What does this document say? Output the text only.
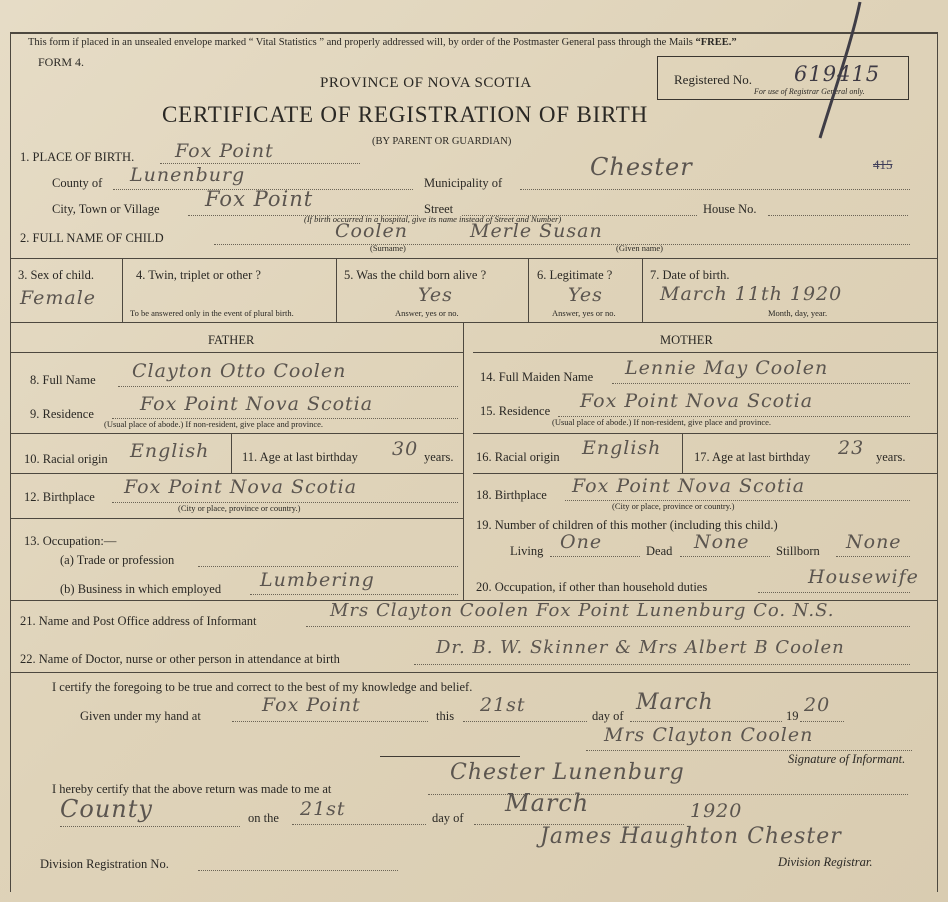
This form if placed in an unsealed envelope marked “ Vital Statistics ” and properly addressed will, by order of the Postmaster General pass through the Mails “FREE.”
FORM 4.
PROVINCE OF NOVA SCOTIA	Registered No. 619415
For use of Registrar General only.
CERTIFICATE OF REGISTRATION OF BIRTH
(BY PARENT OR GUARDIAN)
1. PLACE OF BIRTH. Fox Point
County of Lunenburg	Municipality of
Chester	415
City, Town or Village Fox Point	Street	House No.
(If birth occurred in a hospital, give its name instead of Street and Number)
2. FULL NAME OF CHILD	Coolen	Merle Susan
(Surname)	(Given name)
3. Sex of child.
Female
4. Twin, triplet or other ?
To be answered only in the event of plural birth.
5. Was the child born alive ?
Yes
Answer, yes or no.
6. Legitimate ?
Yes
Answer, yes or no.
7. Date of birth.
March 11th 1920
Month, day, year.
FATHER	MOTHER
8. Full Name Clayton Otto Coolen
9. Residence Fox Point Nova Scotia
(Usual place of abode.) If non-resident, give place and province.
10. Racial origin English	11. Age at last birthday 30 years.
12. Birthplace Fox Point Nova Scotia
(City or place, province or country.)
13. Occupation:—
(a) Trade or profession
(b) Business in which employed Lumbering
14. Full Maiden Name Lennie May Coolen
15. Residence Fox Point Nova Scotia
(Usual place of abode.) If non-resident, give place and province.
16. Racial origin English	17. Age at last birthday 23 years.
18. Birthplace Fox Point Nova Scotia
(City or place, province or country.)
19. Number of children of this mother (including this child.)
Living One	Dead None Stillborn None
20. Occupation, if other than household duties	Housewife
21. Name and Post Office address of Informant	Mrs Clayton Coolen Fox Point Lunenburg Co. N.S.
22. Name of Doctor, nurse or other person in attendance at birth
Dr. B. W. Skinner & Mrs Albert B Coolen
I certify the foregoing to be true and correct to the best of my knowledge and belief.
Given under my hand at	Fox Point	this 21st	day of
March
19 20
Mrs Clayton Coolen
Signature of Informant.
I hereby certify that the above return was made to me at
Chester Lunenburg
County	on the 21st	day of
March	1920
James Haughton Chester
Division Registrar.
Division Registration No.
